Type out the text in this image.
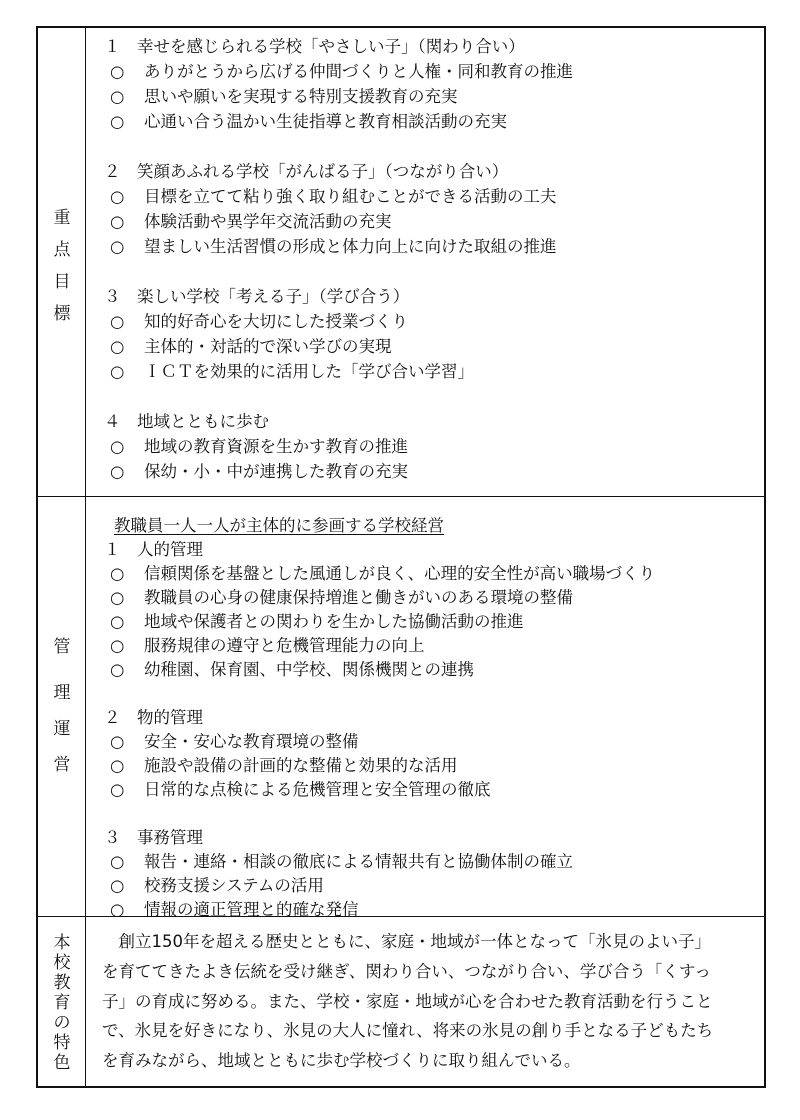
重
点
目
標
１　幸せを感じられる学校「やさしい子」（関わり合い）
○ ありがとうから広げる仲間づくりと人権・同和教育の推進
○ 思いや願いを実現する特別支援教育の充実
○ 心通い合う温かい生徒指導と教育相談活動の充実
２　笑顔あふれる学校「がんばる子」（つながり合い）
○ 目標を立てて粘り強く取り組むことができる活動の工夫
○ 体験活動や異学年交流活動の充実
○ 望ましい生活習慣の形成と体力向上に向けた取組の推進
３　楽しい学校「考える子」（学び合う）
○ 知的好奇心を大切にした授業づくり
○ 主体的・対話的で深い学びの実現
○ ＩＣＴを効果的に活用した「学び合い学習」
４　地域とともに歩む
○ 地域の教育資源を生かす教育の推進
○ 保幼・小・中が連携した教育の充実
管
理
運
営
教職員一人一人が主体的に参画する学校経営
１　人的管理
○ 信頼関係を基盤とした風通しが良く、心理的安全性が高い職場づくり
○ 教職員の心身の健康保持増進と働きがいのある環境の整備
○ 地域や保護者との関わりを生かした協働活動の推進
○ 服務規律の遵守と危機管理能力の向上
○ 幼稚園、保育園、中学校、関係機関との連携
２　物的管理
○ 安全・安心な教育環境の整備
○ 施設や設備の計画的な整備と効果的な活用
○ 日常的な点検による危機管理と安全管理の徹底
３　事務管理
○ 報告・連絡・相談の徹底による情報共有と協働体制の確立
○ 校務支援システムの活用
○ 情報の適正管理と的確な発信
本
校
教
育
の
特
色
　創立150年を超える歴史とともに、家庭・地域が一体となって「氷見のよい子」
を育ててきたよき伝統を受け継ぎ、関わり合い、つながり合い、学び合う「くすっ
子」の育成に努める。また、学校・家庭・地域が心を合わせた教育活動を行うこと
で、氷見を好きになり、氷見の大人に憧れ、将来の氷見の創り手となる子どもたち
を育みながら、地域とともに歩む学校づくりに取り組んでいる。
